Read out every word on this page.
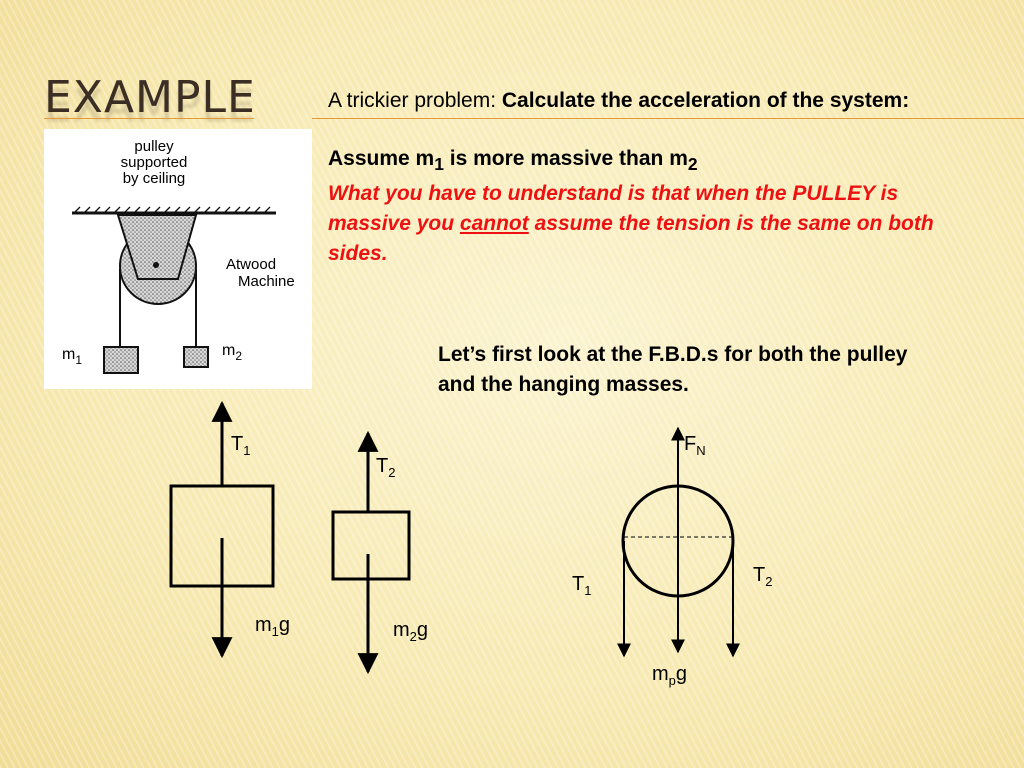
EXAMPLE	A trickier problem: Calculate the acceleration of the system:

Assume $m_1$ is more massive than $m_2$

What you have to understand is that when the PULLEY is massive you cannot assume the tension is the same on both sides.

Let’s first look at the F.B.D.s for both the pulley and the hanging masses.

pulley
supported
by ceiling
Atwood
Machine
$m_1$
$m_2$
$T_1$
$m_1g$
$T_2$
$m_2g$
$F_N$
$T_1$
$T_2$
$m_pg$
